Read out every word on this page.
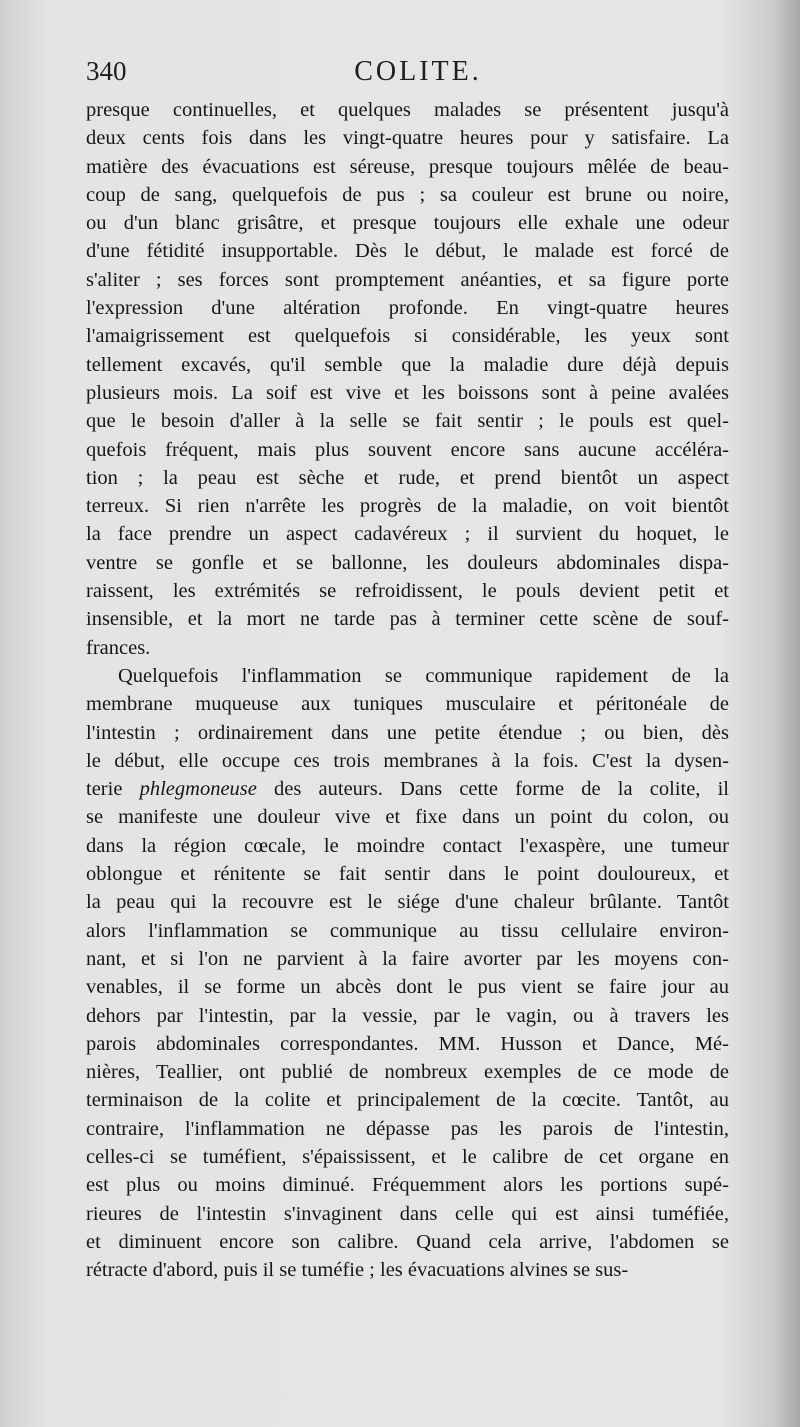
340	COLITE.
presque continuelles, et quelques malades se présentent jusqu'à
deux cents fois dans les vingt-quatre heures pour y satisfaire. La
matière des évacuations est séreuse, presque toujours mêlée de beau-
coup de sang, quelquefois de pus ; sa couleur est brune ou noire,
ou d'un blanc grisâtre, et presque toujours elle exhale une odeur
d'une fétidité insupportable. Dès le début, le malade est forcé de
s'aliter ; ses forces sont promptement anéanties, et sa figure porte
l'expression d'une altération profonde. En vingt-quatre heures
l'amaigrissement est quelquefois si considérable, les yeux sont
tellement excavés, qu'il semble que la maladie dure déjà depuis
plusieurs mois. La soif est vive et les boissons sont à peine avalées
que le besoin d'aller à la selle se fait sentir ; le pouls est quel-
quefois fréquent, mais plus souvent encore sans aucune accéléra-
tion ; la peau est sèche et rude, et prend bientôt un aspect
terreux. Si rien n'arrête les progrès de la maladie, on voit bientôt
la face prendre un aspect cadavéreux ; il survient du hoquet, le
ventre se gonfle et se ballonne, les douleurs abdominales dispa-
raissent, les extrémités se refroidissent, le pouls devient petit et
insensible, et la mort ne tarde pas à terminer cette scène de souf-
frances.
Quelquefois l'inflammation se communique rapidement de la
membrane muqueuse aux tuniques musculaire et péritonéale de
l'intestin ; ordinairement dans une petite étendue ; ou bien, dès
le début, elle occupe ces trois membranes à la fois. C'est la dysen-
terie phlegmoneuse des auteurs. Dans cette forme de la colite, il
se manifeste une douleur vive et fixe dans un point du colon, ou
dans la région cœcale, le moindre contact l'exaspère, une tumeur
oblongue et rénitente se fait sentir dans le point douloureux, et
la peau qui la recouvre est le siége d'une chaleur brûlante. Tantôt
alors l'inflammation se communique au tissu cellulaire environ-
nant, et si l'on ne parvient à la faire avorter par les moyens con-
venables, il se forme un abcès dont le pus vient se faire jour au
dehors par l'intestin, par la vessie, par le vagin, ou à travers les
parois abdominales correspondantes. MM. Husson et Dance, Mé-
nières, Teallier, ont publié de nombreux exemples de ce mode de
terminaison de la colite et principalement de la cœcite. Tantôt, au
contraire, l'inflammation ne dépasse pas les parois de l'intestin,
celles-ci se tuméfient, s'épaississent, et le calibre de cet organe en
est plus ou moins diminué. Fréquemment alors les portions supé-
rieures de l'intestin s'invaginent dans celle qui est ainsi tuméfiée,
et diminuent encore son calibre. Quand cela arrive, l'abdomen se
rétracte d'abord, puis il se tuméfie ; les évacuations alvines se sus-
